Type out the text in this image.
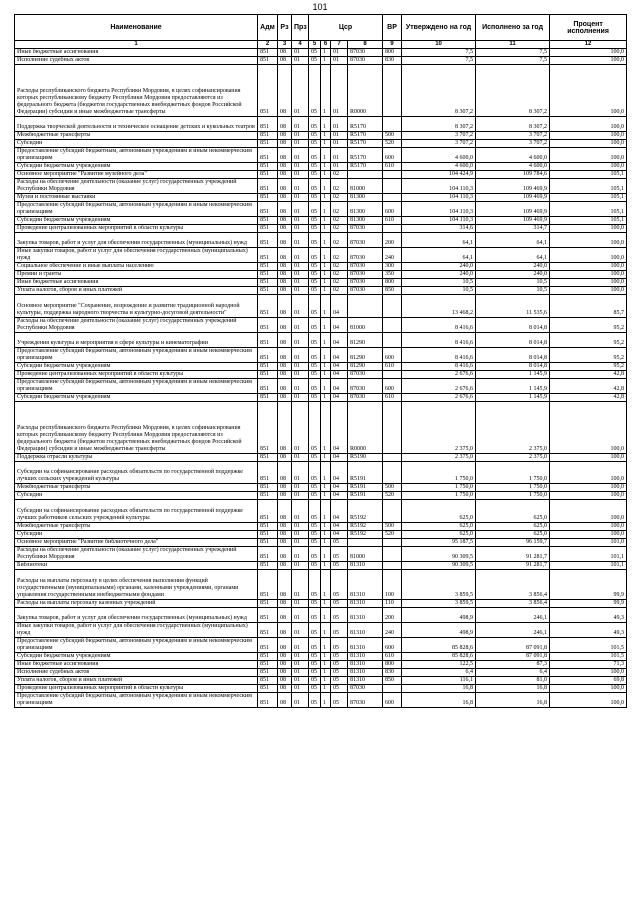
101
Наименование	Адм	Рз	Прз	Цср				ВР	Утверждено на год	Исполнено за год	Процент исполнения
1	2	3	4	5	6	7	8	9	10	11	12
Иные бюджетные ассигнования	851	08	01	05	1	01	87030	800	7,5	7,5	100,0
Исполнение судебных актов	851	08	01	05	1	01	87030	830	7,5	7,5	100,0
Расходы республиканского бюджета Республики Мордовия, в целях софинансирования которых республиканскому бюджету Республики Мордовия предоставляются из федерального бюджета (бюджетов государственных внебюджетных фондов Российской Федерации) субсидии и иные межбюджетные трансферты	851	08	01	05	1	01	R0000		8 307,2	8 307,2	100,0
Поддержка творческой деятельности и техническое оснащение детских и кукольных театров	851	08	01	05	1	01	R5170		8 307,2	8 307,2	100,0
Межбюджетные трансферты	851	08	01	05	1	01	R5170	500	3 707,2	3 707,2	100,0
Субсидии	851	08	01	05	1	01	R5170	520	3 707,2	3 707,2	100,0
Предоставление субсидий бюджетным, автономным учреждениям и иным некоммерческим организациям	851	08	01	05	1	01	R5170	600	4 600,0	4 600,0	100,0
Субсидии бюджетным учреждениям	851	08	01	05	1	01	R5170	610	4 600,0	4 600,0	100,0
Основное мероприятие "Развитие музейного дела"	851	08	01	05	1	02			104 424,9	109 784,6	105,1
Расходы на обеспечение деятельности (оказание услуг) государственных учреждений Республики Мордовия	851	08	01	05	1	02	81000		104 110,3	109 469,9	105,1
Музеи и постоянные выставки	851	08	01	05	1	02	81300		104 110,3	109 469,9	105,1
Предоставление субсидий бюджетным, автономным учреждениям и иным некоммерческим организациям	851	08	01	05	1	02	81300	600	104 110,3	109 469,9	105,1
Субсидии бюджетным учреждениям	851	08	01	05	1	02	81300	610	104 110,3	109 469,9	105,1
Проведение централизованных мероприятий в области культуры	851	08	01	05	1	02	87030		314,6	314,7	100,0
Закупка товаров, работ и услуг для обеспечения государственных (муниципальных) нужд	851	08	01	05	1	02	87030	200	64,1	64,1	100,0
Иные закупки товаров, работ и услуг для обеспечения государственных (муниципальных) нужд	851	08	01	05	1	02	87030	240	64,1	64,1	100,0
Социальное обеспечение и иные выплаты населению	851	08	01	05	1	02	87030	300	240,0	240,0	100,0
Премии и гранты	851	08	01	05	1	02	87030	350	240,0	240,0	100,0
Иные бюджетные ассигнования	851	08	01	05	1	02	87030	800	10,5	10,5	100,0
Уплата налогов, сборов и иных платежей	851	08	01	05	1	02	87030	850	10,5	10,5	100,0
Основное мероприятие "Сохранение, возрождение и развитие традиционной народной культуры, поддержка народного творчества и культурно-досуговой деятельности"	851	08	01	05	1	04			13 468,2	11 535,6	85,7
Расходы на обеспечение деятельности (оказание услуг) государственных учреждений Республики Мордовия	851	08	01	05	1	04	81000		8 416,6	8 014,8	95,2
Учреждения культуры и мероприятия в сфере культуры и кинематографии	851	08	01	05	1	04	81290		8 416,6	8 014,8	95,2
Предоставление субсидий бюджетным, автономным учреждениям и иным некоммерческим организациям	851	08	01	05	1	04	81290	600	8 416,6	8 014,8	95,2
Субсидии бюджетным учреждениям	851	08	01	05	1	04	81290	610	8 416,6	8 014,8	95,2
Проведение централизованных мероприятий в области культуры	851	08	01	05	1	04	87030		2 676,6	1 145,9	42,8
Предоставление субсидий бюджетным, автономным учреждениям и иным некоммерческим организациям	851	08	01	05	1	04	87030	600	2 676,6	1 145,9	42,8
Субсидии бюджетным учреждениям	851	08	01	05	1	04	87030	610	2 676,6	1 145,9	42,8
Расходы республиканского бюджета Республики Мордовия, в целях софинансирования которых республиканскому бюджету Республики Мордовия предоставляются из федерального бюджета (бюджетов государственных внебюджетных фондов Российской Федерации) субсидии и иные межбюджетные трансферты	851	08	01	05	1	04	R0000		2 375,0	2 375,0	100,0
Поддержка отрасли культуры	851	08	01	05	1	04	R5190		2 375,0	2 375,0	100,0
Субсидии на софинансирование расходных обязательств по государственной поддержке лучших сельских учреждений культуры	851	08	01	05	1	04	R5191		1 750,0	1 750,0	100,0
Межбюджетные трансферты	851	08	01	05	1	04	R5191	500	1 750,0	1 750,0	100,0
Субсидии	851	08	01	05	1	04	R5191	520	1 750,0	1 750,0	100,0
Субсидии на софинансирование расходных обязательств по государственной поддержке лучших работников сельских учреждений культуры	851	08	01	05	1	04	R5192		625,0	625,0	100,0
Межбюджетные трансферты	851	08	01	05	1	04	R5192	500	625,0	625,0	100,0
Субсидии	851	08	01	05	1	04	R5192	520	625,0	625,0	100,0
Основное мероприятие "Развитие библиотечного дела"	851	08	01	05	1	05			95 187,5	96 159,7	101,0
Расходы на обеспечение деятельности (оказание услуг) государственных учреждений Республики Мордовия	851	08	01	05	1	05	81000		90 309,5	91 281,7	101,1
Библиотеки	851	08	01	05	1	05	81310		90 309,5	91 281,7	101,1
Расходы на выплаты персоналу в целях обеспечения выполнения функций государственными (муниципальными) органами, казенными учреждениями, органами управления государственными внебюджетными фондами	851	08	01	05	1	05	81310	100	3 859,5	3 856,4	99,9
Расходы на выплаты персоналу казенных учреждений	851	08	01	05	1	05	81310	110	3 859,5	3 856,4	99,9
Закупка товаров, работ и услуг для обеспечения государственных (муниципальных) нужд	851	08	01	05	1	05	81310	200	498,9	246,1	49,3
Иные закупки товаров, работ и услуг для обеспечения государственных (муниципальных) нужд	851	08	01	05	1	05	81310	240	498,9	246,1	49,3
Предоставление субсидий бюджетным, автономным учреждениям и иным некоммерческим организациям	851	08	01	05	1	05	81310	600	85 828,6	87 091,8	101,5
Субсидии бюджетным учреждениям	851	08	01	05	1	05	81310	610	85 828,6	87 091,8	101,5
Иные бюджетные ассигнования	851	08	01	05	1	05	81310	800	122,5	87,3	71,3
Исполнение судебных актов	851	08	01	05	1	05	81310	830	6,4	6,4	100,0
Уплата налогов, сборов и иных платежей	851	08	01	05	1	05	81310	850	116,1	81,0	69,8
Проведение централизованных мероприятий в области культуры	851	08	01	05	1	05	87030		16,8	16,8	100,0
Предоставление субсидий бюджетным, автономным учреждениям и иным некоммерческим организациям	851	08	01	05	1	05	87030	600	16,8	16,8	100,0
